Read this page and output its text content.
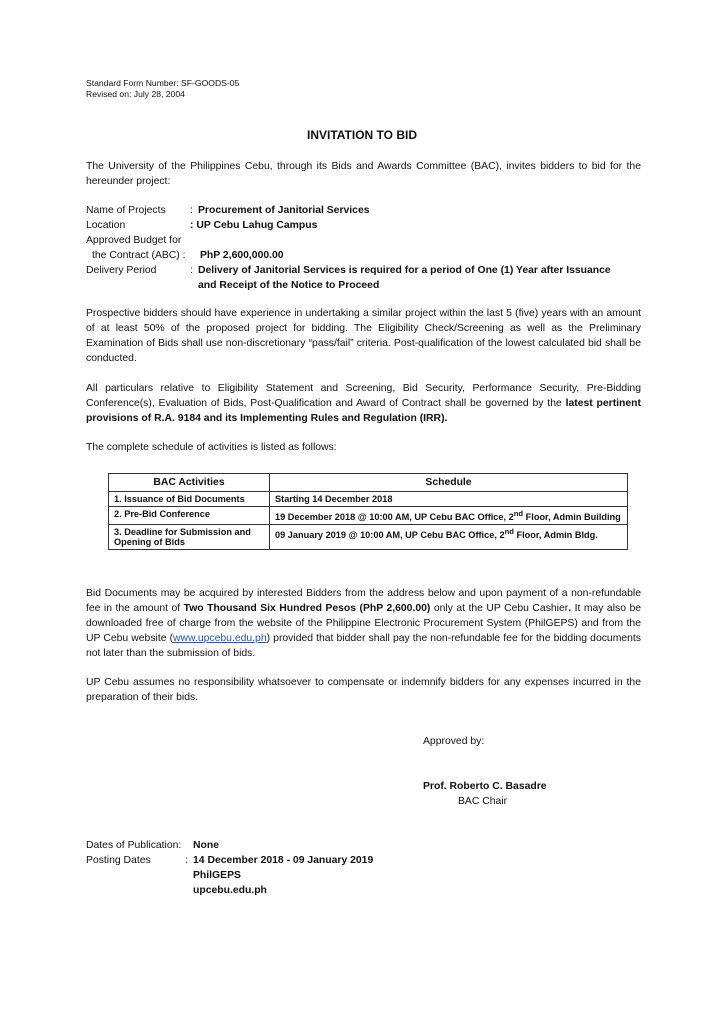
Standard Form Number: SF-GOODS-05
Revised on: July 28, 2004
INVITATION TO BID
The University of the Philippines Cebu, through its Bids and Awards Committee (BAC), invites bidders to bid for the hereunder project:
Name of Projects : Procurement of Janitorial Services
Location	: UP Cebu Lahug Campus
Approved Budget for
the Contract (ABC) : PhP 2,600,000.00
Delivery Period	: Delivery of Janitorial Services is required for a period of One (1) Year after Issuance
and Receipt of the Notice to Proceed
Prospective bidders should have experience in undertaking a similar project within the last 5 (five) years with an amount of at least 50% of the proposed project for bidding. The Eligibility Check/Screening as well as the Preliminary Examination of Bids shall use non-discretionary “pass/fail” criteria. Post-qualification of the lowest calculated bid shall be conducted.
All particulars relative to Eligibility Statement and Screening, Bid Security, Performance Security, Pre-Bidding Conference(s), Evaluation of Bids, Post-Qualification and Award of Contract shall be governed by the latest pertinent provisions of R.A. 9184 and its Implementing Rules and Regulation (IRR).
The complete schedule of activities is listed as follows:
BAC Activities	Schedule
1. Issuance of Bid Documents	Starting 14 December 2018
2. Pre-Bid Conference	19 December 2018 @ 10:00 AM, UP Cebu BAC Office, 2nd Floor, Admin Building
3. Deadline for Submission and Opening of Bids	09 January 2019 @ 10:00 AM, UP Cebu BAC Office, 2nd Floor, Admin Bldg.
Bid Documents may be acquired by interested Bidders from the address below and upon payment of a non-refundable fee in the amount of Two Thousand Six Hundred Pesos (PhP 2,600.00) only at the UP Cebu Cashier. It may also be downloaded free of charge from the website of the Philippine Electronic Procurement System (PhilGEPS) and from the UP Cebu website (www.upcebu.edu.ph) provided that bidder shall pay the non-refundable fee for the bidding documents not later than the submission of bids.
UP Cebu assumes no responsibility whatsoever to compensate or indemnify bidders for any expenses incurred in the preparation of their bids.
Approved by:
Prof. Roberto C. Basadre
BAC Chair
Dates of Publication: None
Posting Dates	: 14 December 2018 - 09 January 2019
PhilGEPS
upcebu.edu.ph
